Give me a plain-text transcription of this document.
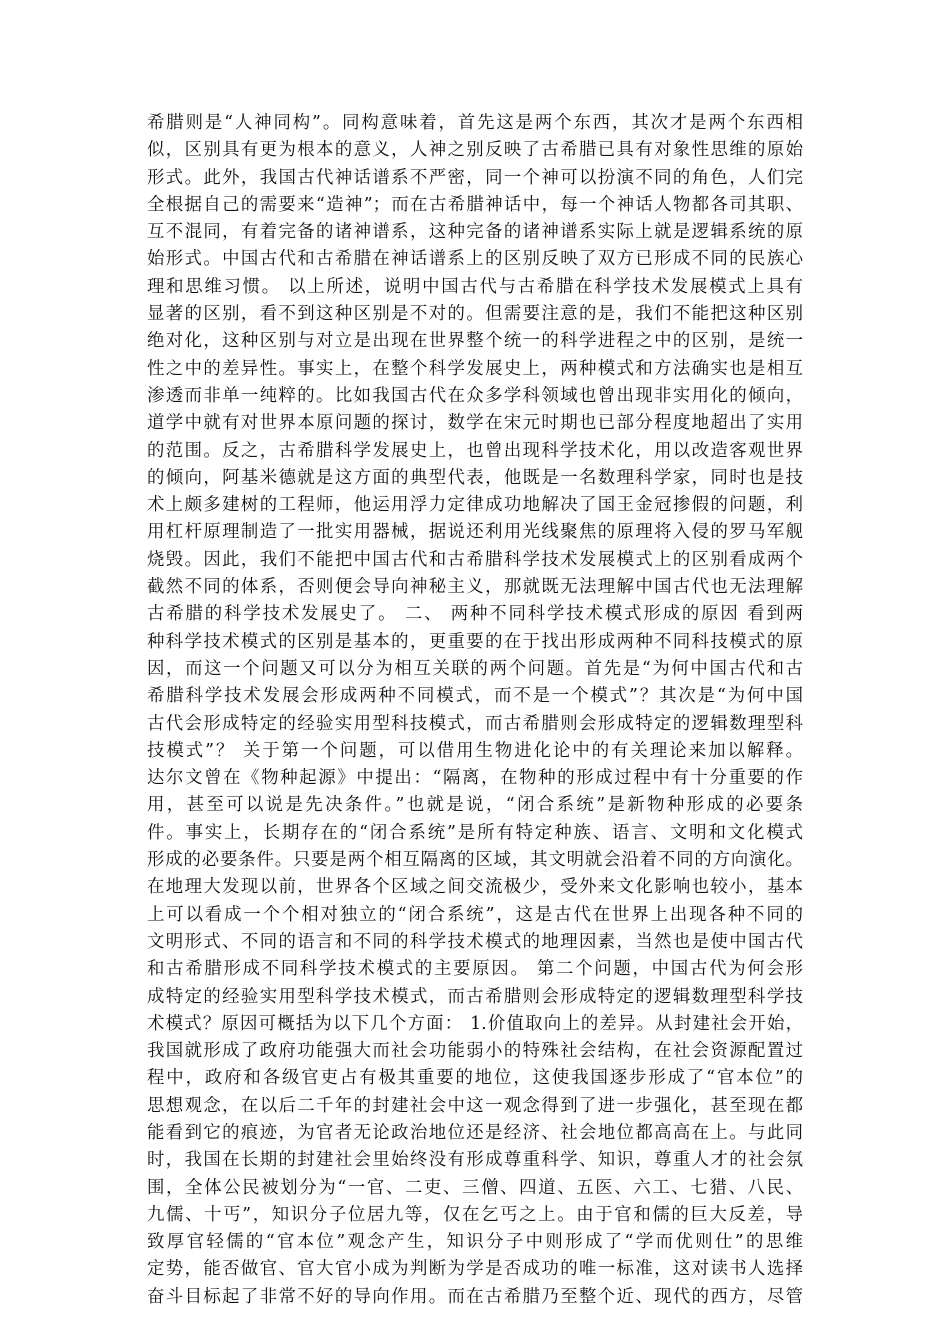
希腊则是“人神同构”。同构意味着，首先这是两个东西，其次才是两个东西相
似，区别具有更为根本的意义，人神之别反映了古希腊已具有对象性思维的原始
形式。此外，我国古代神话谱系不严密，同一个神可以扮演不同的角色，人们完
全根据自己的需要来“造神”；而在古希腊神话中，每一个神话人物都各司其职、
互不混同，有着完备的诸神谱系，这种完备的诸神谱系实际上就是逻辑系统的原
始形式。中国古代和古希腊在神话谱系上的区别反映了双方已形成不同的民族心
理和思维习惯。 以上所述，说明中国古代与古希腊在科学技术发展模式上具有
显著的区别，看不到这种区别是不对的。但需要注意的是，我们不能把这种区别
绝对化，这种区别与对立是出现在世界整个统一的科学进程之中的区别，是统一
性之中的差异性。事实上，在整个科学发展史上，两种模式和方法确实也是相互
渗透而非单一纯粹的。比如我国古代在众多学科领域也曾出现非实用化的倾向，
道学中就有对世界本原问题的探讨，数学在宋元时期也已部分程度地超出了实用
的范围。反之，古希腊科学发展史上，也曾出现科学技术化，用以改造客观世界
的倾向，阿基米德就是这方面的典型代表，他既是一名数理科学家，同时也是技
术上颇多建树的工程师，他运用浮力定律成功地解决了国王金冠掺假的问题，利
用杠杆原理制造了一批实用器械，据说还利用光线聚焦的原理将入侵的罗马军舰
烧毁。因此，我们不能把中国古代和古希腊科学技术发展模式上的区别看成两个
截然不同的体系，否则便会导向神秘主义，那就既无法理解中国古代也无法理解
古希腊的科学技术发展史了。 二、 两种不同科学技术模式形成的原因 看到两
种科学技术模式的区别是基本的，更重要的在于找出形成两种不同科技模式的原
因，而这一个问题又可以分为相互关联的两个问题。首先是“为何中国古代和古
希腊科学技术发展会形成两种不同模式，而不是一个模式”？其次是“为何中国
古代会形成特定的经验实用型科技模式，而古希腊则会形成特定的逻辑数理型科
技模式”？ 关于第一个问题，可以借用生物进化论中的有关理论来加以解释。
达尔文曾在《物种起源》中提出：“隔离，在物种的形成过程中有十分重要的作
用，甚至可以说是先决条件。”也就是说，“闭合系统”是新物种形成的必要条
件。事实上，长期存在的“闭合系统”是所有特定种族、语言、文明和文化模式
形成的必要条件。只要是两个相互隔离的区域，其文明就会沿着不同的方向演化。
在地理大发现以前，世界各个区域之间交流极少，受外来文化影响也较小，基本
上可以看成一个个相对独立的“闭合系统”，这是古代在世界上出现各种不同的
文明形式、不同的语言和不同的科学技术模式的地理因素，当然也是使中国古代
和古希腊形成不同科学技术模式的主要原因。 第二个问题，中国古代为何会形
成特定的经验实用型科学技术模式，而古希腊则会形成特定的逻辑数理型科学技
术模式？原因可概括为以下几个方面： 1.价值取向上的差异。从封建社会开始，
我国就形成了政府功能强大而社会功能弱小的特殊社会结构，在社会资源配置过
程中，政府和各级官吏占有极其重要的地位，这使我国逐步形成了“官本位”的
思想观念，在以后二千年的封建社会中这一观念得到了进一步强化，甚至现在都
能看到它的痕迹，为官者无论政治地位还是经济、社会地位都高高在上。与此同
时，我国在长期的封建社会里始终没有形成尊重科学、知识，尊重人才的社会氛
围，全体公民被划分为“一官、二吏、三僧、四道、五医、六工、七猎、八民、
九儒、十丐”，知识分子位居九等，仅在乞丐之上。由于官和儒的巨大反差，导
致厚官轻儒的“官本位”观念产生，知识分子中则形成了“学而优则仕”的思维
定势，能否做官、官大官小成为判断为学是否成功的唯一标准，这对读书人选择
奋斗目标起了非常不好的导向作用。而在古希腊乃至整个近、现代的西方，尽管
